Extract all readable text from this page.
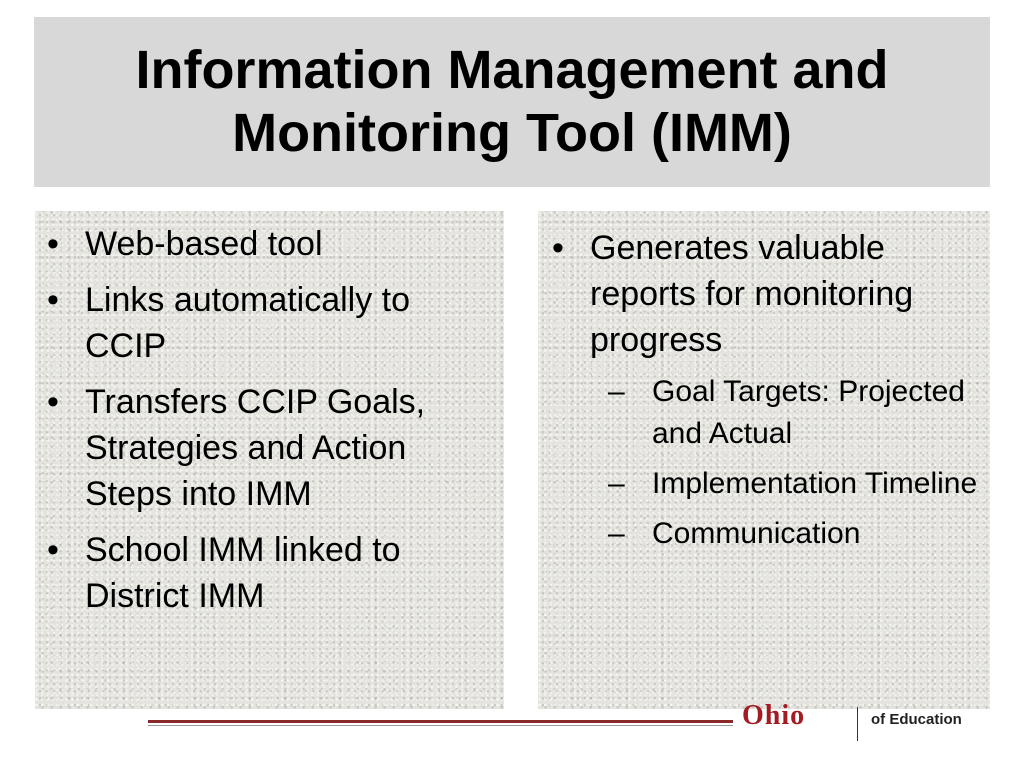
Information Management and Monitoring Tool (IMM)
• Web-based tool
• Links automatically to CCIP
• Transfers CCIP Goals, Strategies and Action Steps into IMM
• School IMM linked to District IMM
• Generates valuable reports for monitoring progress
– Goal Targets: Projected and Actual
– Implementation Timeline
– Communication
Ohio	of Education
